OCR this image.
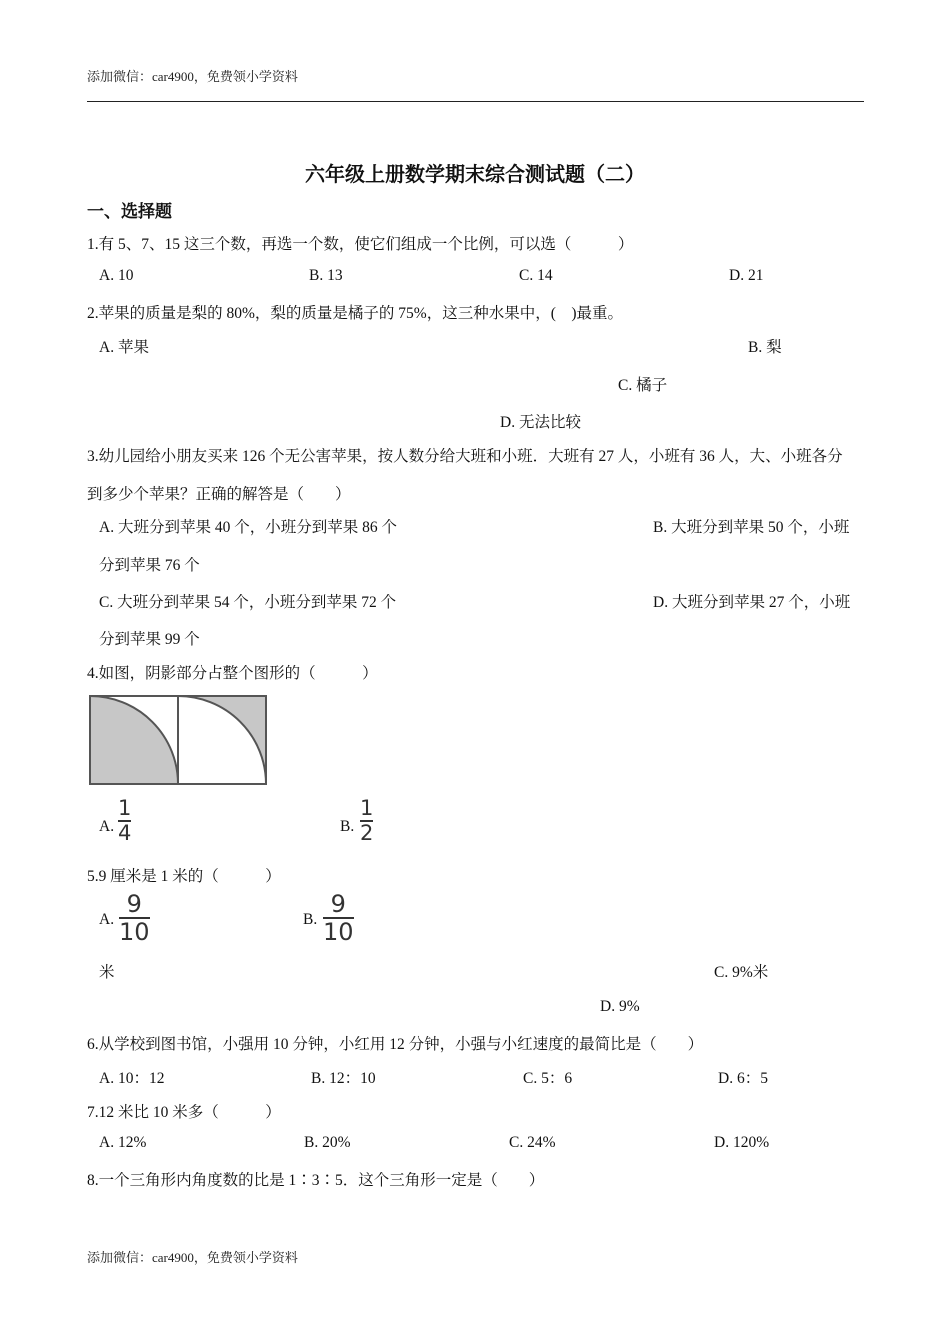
添加微信：car4900，免费领小学资料
六年级上册数学期末综合测试题（二）
一、选择题
1.有 5、7、15 这三个数，再选一个数，使它们组成一个比例，可以选（　　　）
A. 10	B. 13	C. 14	D. 21
2.苹果的质量是梨的 80%，梨的质量是橘子的 75%，这三种水果中，(　)最重。
A. 苹果	B. 梨
C. 橘子
D. 无法比较
3.幼儿园给小朋友买来 126 个无公害苹果，按人数分给大班和小班．大班有 27 人，小班有 36 人，大、小班各分
到多少个苹果？正确的解答是（　　）
A. 大班分到苹果 40 个，小班分到苹果 86 个	B. 大班分到苹果 50 个，小班
分到苹果 76 个
C. 大班分到苹果 54 个，小班分到苹果 72 个	D. 大班分到苹果 27 个，小班
分到苹果 99 个
4.如图，阴影部分占整个图形的（　　　）
A.
1
4	B.
1
2
5.9 厘米是 1 米的（　　　）
A.
9
10	B.
9
10
米	C. 9%米
D. 9%
6.从学校到图书馆，小强用 10 分钟，小红用 12 分钟，小强与小红速度的最简比是（　　）
A. 10：12	B. 12：10	C. 5：6	D. 6：5
7.12 米比 10 米多（　　　）
A. 12%	B. 20%	C. 24%	D. 120%
8.一个三角形内角度数的比是 1∶3∶5．这个三角形一定是（　　）
添加微信：car4900，免费领小学资料
